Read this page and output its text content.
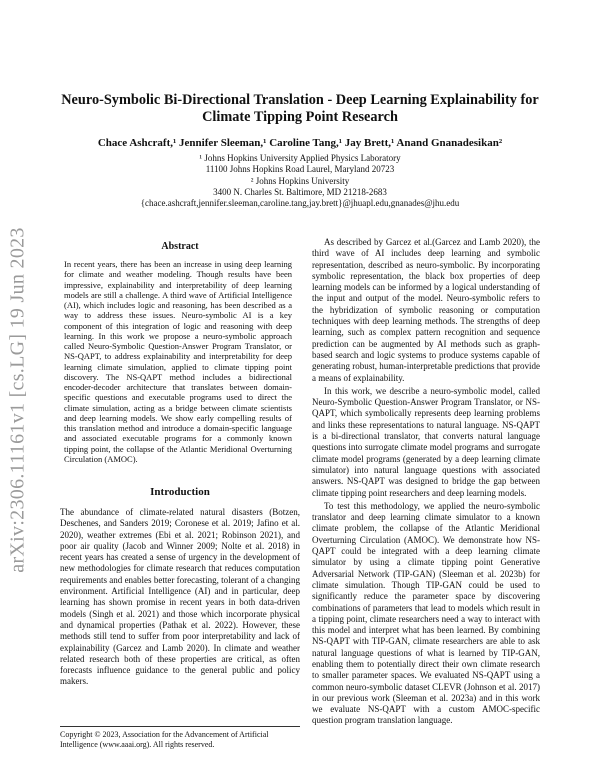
arXiv:2306.11161v1 [cs.LG] 19 Jun 2023
Neuro-Symbolic Bi-Directional Translation - Deep Learning Explainability for Climate Tipping Point Research

Chace Ashcraft,¹ Jennifer Sleeman,¹ Caroline Tang,¹ Jay Brett,¹ Anand Gnanadesikan²

¹ Johns Hopkins University Applied Physics Laboratory

11100 Johns Hopkins Road Laurel, Maryland 20723

² Johns Hopkins University

3400 N. Charles St. Baltimore, MD 21218-2683

{chace.ashcraft,jennifer.sleeman,caroline.tang,jay.brett}@jhuapl.edu,gnanades@jhu.edu

Abstract

In recent years, there has been an increase in using deep learning for climate and weather modeling. Though results have been impressive, explainability and interpretability of deep learning models are still a challenge. A third wave of Artificial Intelligence (AI), which includes logic and reasoning, has been described as a way to address these issues. Neuro-symbolic AI is a key component of this integration of logic and reasoning with deep learning. In this work we propose a neuro-symbolic approach called Neuro-Symbolic Question-Answer Program Translator, or NS-QAPT, to address explainability and interpretability for deep learning climate simulation, applied to climate tipping point discovery. The NS-QAPT method includes a bidirectional encoder-decoder architecture that translates between domain-specific questions and executable programs used to direct the climate simulation, acting as a bridge between climate scientists and deep learning models. We show early compelling results of this translation method and introduce a domain-specific language and associated executable programs for a commonly known tipping point, the collapse of the Atlantic Meridional Overturning Circulation (AMOC).

Introduction

The abundance of climate-related natural disasters (Botzen, Deschenes, and Sanders 2019; Coronese et al. 2019; Jafino et al. 2020), weather extremes (Ebi et al. 2021; Robinson 2021), and poor air quality (Jacob and Winner 2009; Nolte et al. 2018) in recent years has created a sense of urgency in the development of new methodologies for climate research that reduces computation requirements and enables better forecasting, tolerant of a changing environment. Artificial Intelligence (AI) and in particular, deep learning has shown promise in recent years in both data-driven models (Singh et al. 2021) and those which incorporate physical and dynamical properties (Pathak et al. 2022). However, these methods still tend to suffer from poor interpretability and lack of explainability (Garcez and Lamb 2020). In climate and weather related research both of these properties are critical, as often forecasts influence guidance to the general public and policy makers.

As described by Garcez et al.(Garcez and Lamb 2020), the third wave of AI includes deep learning and symbolic representation, described as neuro-symbolic. By incorporating symbolic representation, the black box properties of deep learning models can be informed by a logical understanding of the input and output of the model. Neuro-symbolic refers to the hybridization of symbolic reasoning or computation techniques with deep learning methods. The strengths of deep learning, such as complex pattern recognition and sequence prediction can be augmented by AI methods such as graph-based search and logic systems to produce systems capable of generating robust, human-interpretable predictions that provide a means of explainability.

In this work, we describe a neuro-symbolic model, called Neuro-Symbolic Question-Answer Program Translator, or NS-QAPT, which symbolically represents deep learning problems and links these representations to natural language. NS-QAPT is a bi-directional translator, that converts natural language questions into surrogate climate model programs and surrogate climate model programs (generated by a deep learning climate simulator) into natural language questions with associated answers. NS-QAPT was designed to bridge the gap between climate tipping point researchers and deep learning models.

To test this methodology, we applied the neuro-symbolic translator and deep learning climate simulator to a known climate problem, the collapse of the Atlantic Meridional Overturning Circulation (AMOC). We demonstrate how NS-QAPT could be integrated with a deep learning climate simulator by using a climate tipping point Generative Adversarial Network (TIP-GAN) (Sleeman et al. 2023b) for climate simulation. Though TIP-GAN could be used to significantly reduce the parameter space by discovering combinations of parameters that lead to models which result in a tipping point, climate researchers need a way to interact with this model and interpret what has been learned. By combining NS-QAPT with TIP-GAN, climate researchers are able to ask natural language questions of what is learned by TIP-GAN, enabling them to potentially direct their own climate research to smaller parameter spaces. We evaluated NS-QAPT using a common neuro-symbolic dataset CLEVR (Johnson et al. 2017) in our previous work (Sleeman et al. 2023a) and in this work we evaluate NS-QAPT with a custom AMOC-specific question program translation language.

Copyright © 2023, Association for the Advancement of Artificial Intelligence (www.aaai.org). All rights reserved.
